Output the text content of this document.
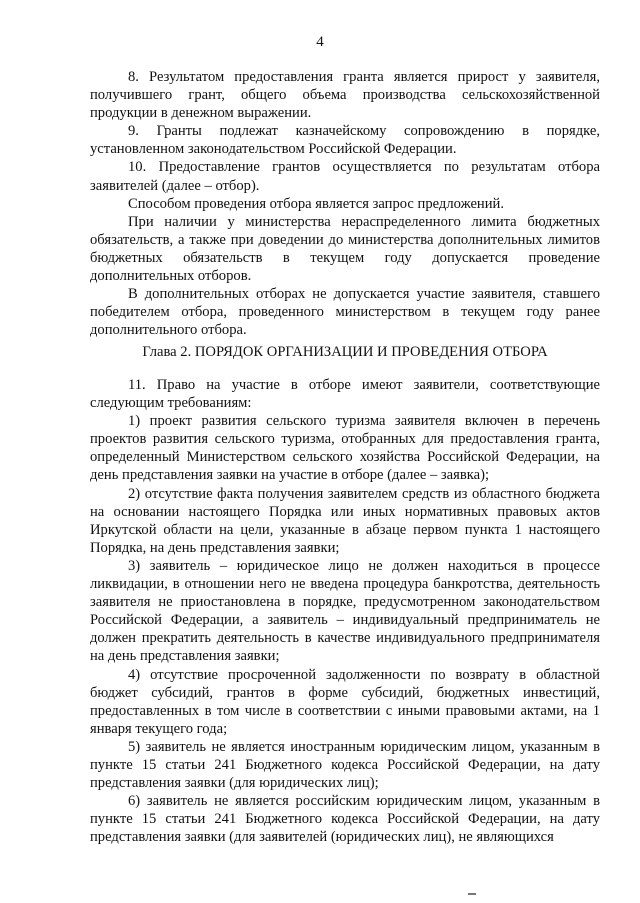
4
8. Результатом предоставления гранта является прирост у заявителя, получившего грант, общего объема производства сельскохозяйственной продукции в денежном выражении.
9. Гранты подлежат казначейскому сопровождению в порядке, установленном законодательством Российской Федерации.
10. Предоставление грантов осуществляется по результатам отбора заявителей (далее – отбор).
Способом проведения отбора является запрос предложений.
При наличии у министерства нераспределенного лимита бюджетных обязательств, а также при доведении до министерства дополнительных лимитов бюджетных обязательств в текущем году допускается проведение дополнительных отборов.
В дополнительных отборах не допускается участие заявителя, ставшего победителем отбора, проведенного министерством в текущем году ранее дополнительного отбора.
Глава 2. ПОРЯДОК ОРГАНИЗАЦИИ И ПРОВЕДЕНИЯ ОТБОРА
11. Право на участие в отборе имеют заявители, соответствующие следующим требованиям:
1) проект развития сельского туризма заявителя включен в перечень проектов развития сельского туризма, отобранных для предоставления гранта, определенный Министерством сельского хозяйства Российской Федерации, на день представления заявки на участие в отборе (далее – заявка);
2) отсутствие факта получения заявителем средств из областного бюджета на основании настоящего Порядка или иных нормативных правовых актов Иркутской области на цели, указанные в абзаце первом пункта 1 настоящего Порядка, на день представления заявки;
3) заявитель – юридическое лицо не должен находиться в процессе ликвидации, в отношении него не введена процедура банкротства, деятельность заявителя не приостановлена в порядке, предусмотренном законодательством Российской Федерации, а заявитель – индивидуальный предприниматель не должен прекратить деятельность в качестве индивидуального предпринимателя на день представления заявки;
4) отсутствие просроченной задолженности по возврату в областной бюджет субсидий, грантов в форме субсидий, бюджетных инвестиций, предоставленных в том числе в соответствии с иными правовыми актами, на 1 января текущего года;
5) заявитель не является иностранным юридическим лицом, указанным в пункте 15 статьи 241 Бюджетного кодекса Российской Федерации, на дату представления заявки (для юридических лиц);
6) заявитель не является российским юридическим лицом, указанным в пункте 15 статьи 241 Бюджетного кодекса Российской Федерации, на дату представления заявки (для заявителей (юридических лиц), не являющихся
